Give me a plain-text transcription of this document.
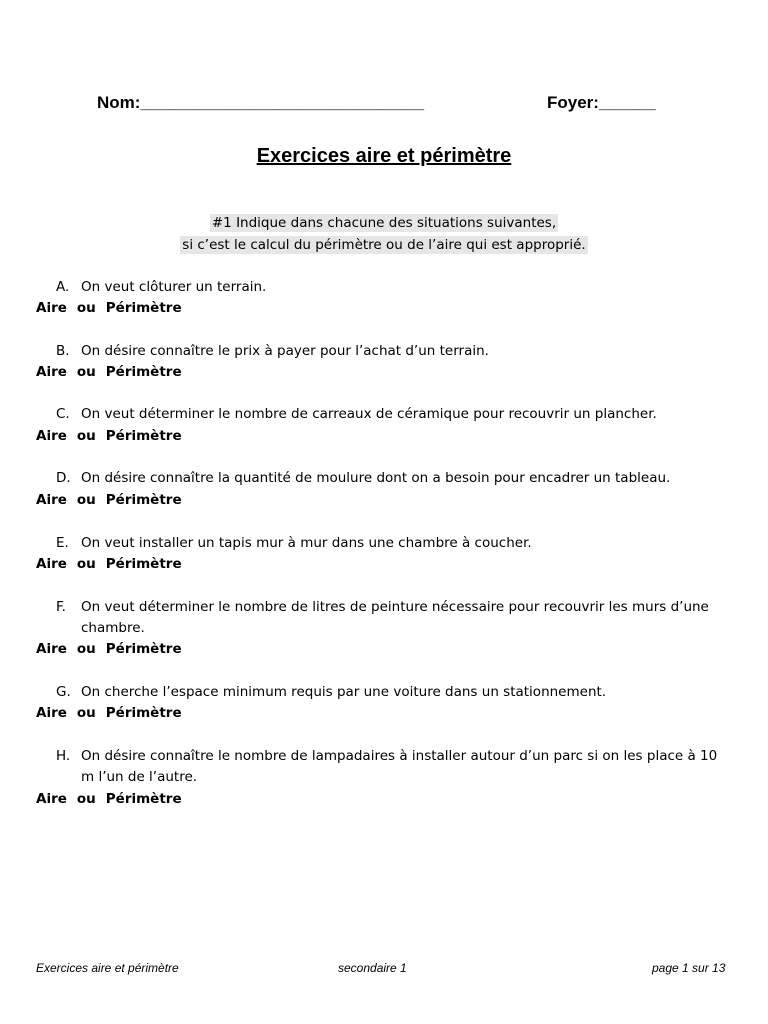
Nom:______________________________	Foyer:______
Exercices aire et périmètre
#1 Indique dans chacune des situations suivantes,
si c’est le calcul du périmètre ou de l’aire qui est approprié.
A. On veut clôturer un terrain.
Aire ou Périmètre
B. On désire connaître le prix à payer pour l’achat d’un terrain.
Aire ou Périmètre
C. On veut déterminer le nombre de carreaux de céramique pour recouvrir un plancher.
Aire ou Périmètre
D. On désire connaître la quantité de moulure dont on a besoin pour encadrer un tableau.
Aire ou Périmètre
E. On veut installer un tapis mur à mur dans une chambre à coucher.
Aire ou Périmètre
F. On veut déterminer le nombre de litres de peinture nécessaire pour recouvrir les murs d’une chambre.
Aire ou Périmètre
G. On cherche l’espace minimum requis par une voiture dans un stationnement.
Aire ou Périmètre
H. On désire connaître le nombre de lampadaires à installer autour d’un parc si on les place à 10 m l’un de l’autre.
Aire ou Périmètre
Exercices aire et périmètre	secondaire 1	page 1 sur 13
